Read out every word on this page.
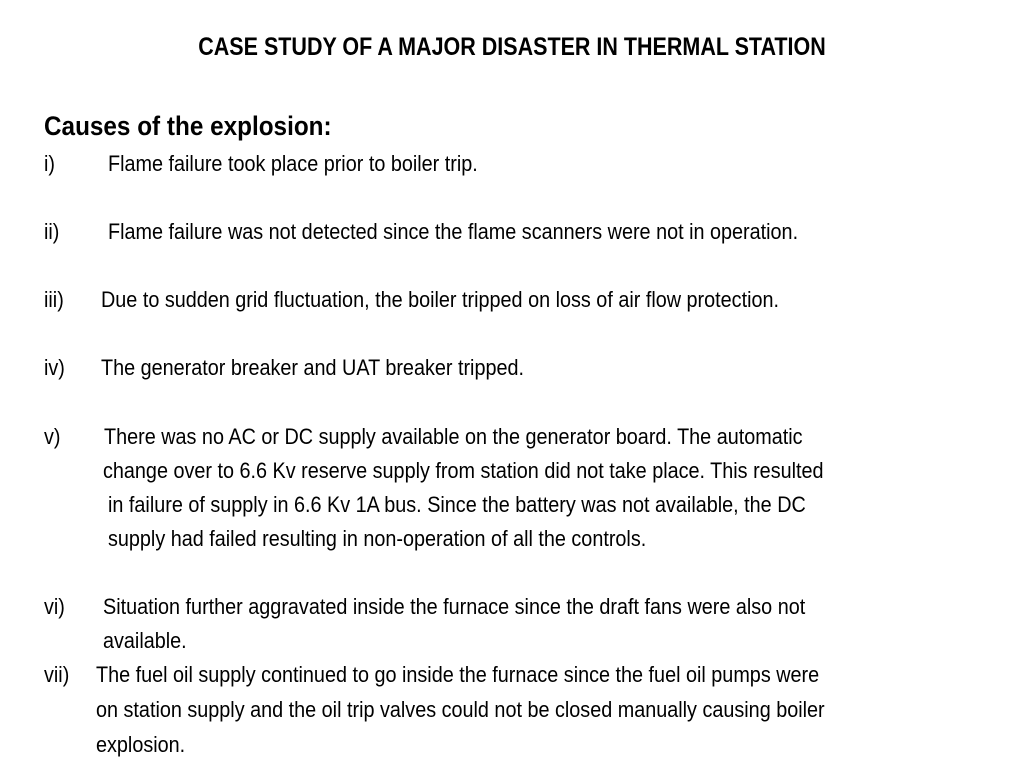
CASE STUDY OF A MAJOR DISASTER IN THERMAL STATION
Causes of the explosion:
i) Flame failure took place prior to boiler trip.
ii) Flame failure was not detected since the flame scanners were not in operation.
iii) Due to sudden grid fluctuation, the boiler tripped on loss of air flow protection.
iv) The generator breaker and UAT breaker tripped.
v) There was no AC or DC supply available on the generator board. The automatic
change over to 6.6 Kv reserve supply from station did not take place. This resulted
in failure of supply in 6.6 Kv 1A bus. Since the battery was not available, the DC
supply had failed resulting in non-operation of all the controls.
vi) Situation further aggravated inside the furnace since the draft fans were also not
available.
vii) The fuel oil supply continued to go inside the furnace since the fuel oil pumps were
on station supply and the oil trip valves could not be closed manually causing boiler
explosion.
